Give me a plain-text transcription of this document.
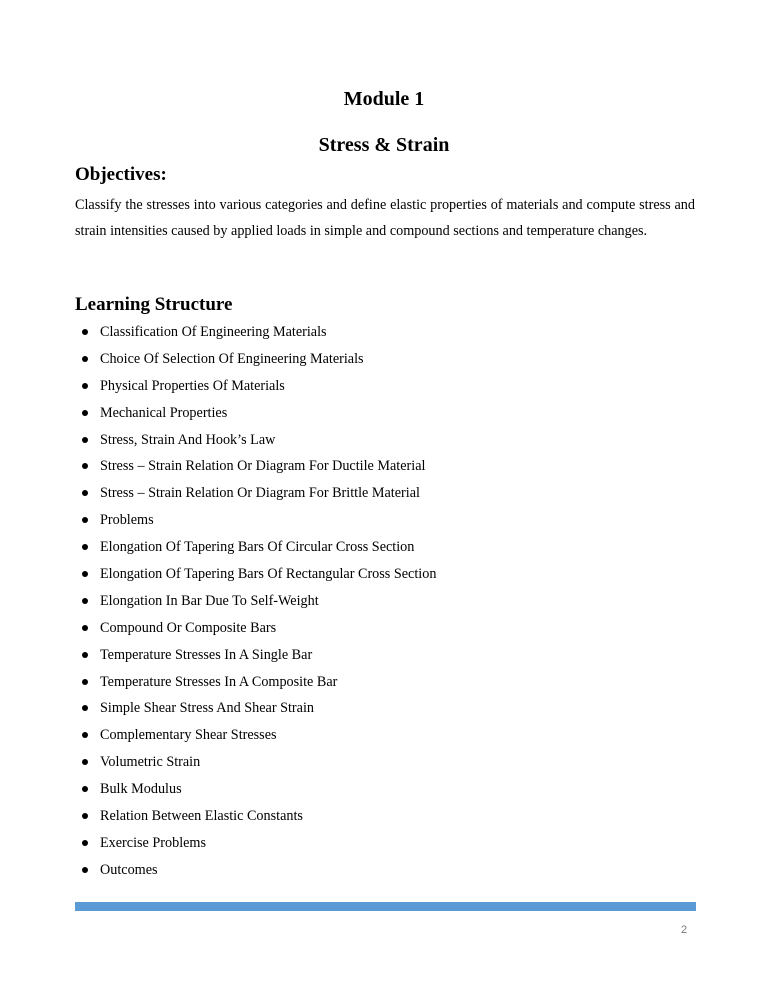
Module 1
Stress & Strain
Objectives:
Classify the stresses into various categories and define elastic properties of materials and compute stress and strain intensities caused by applied loads in simple and compound sections and temperature changes.
Learning Structure
Classification Of Engineering Materials
Choice Of Selection Of Engineering Materials
Physical Properties Of Materials
Mechanical Properties
Stress, Strain And Hook’s Law
Stress – Strain Relation Or Diagram For Ductile Material
Stress – Strain Relation Or Diagram For Brittle Material
Problems
Elongation Of Tapering Bars Of Circular Cross Section
Elongation Of Tapering Bars Of Rectangular Cross Section
Elongation In Bar Due To Self-Weight
Compound Or Composite Bars
Temperature Stresses In A Single Bar
Temperature Stresses In A Composite Bar
Simple Shear Stress And Shear Strain
Complementary Shear Stresses
Volumetric Strain
Bulk Modulus
Relation Between Elastic Constants
Exercise Problems
Outcomes
2
